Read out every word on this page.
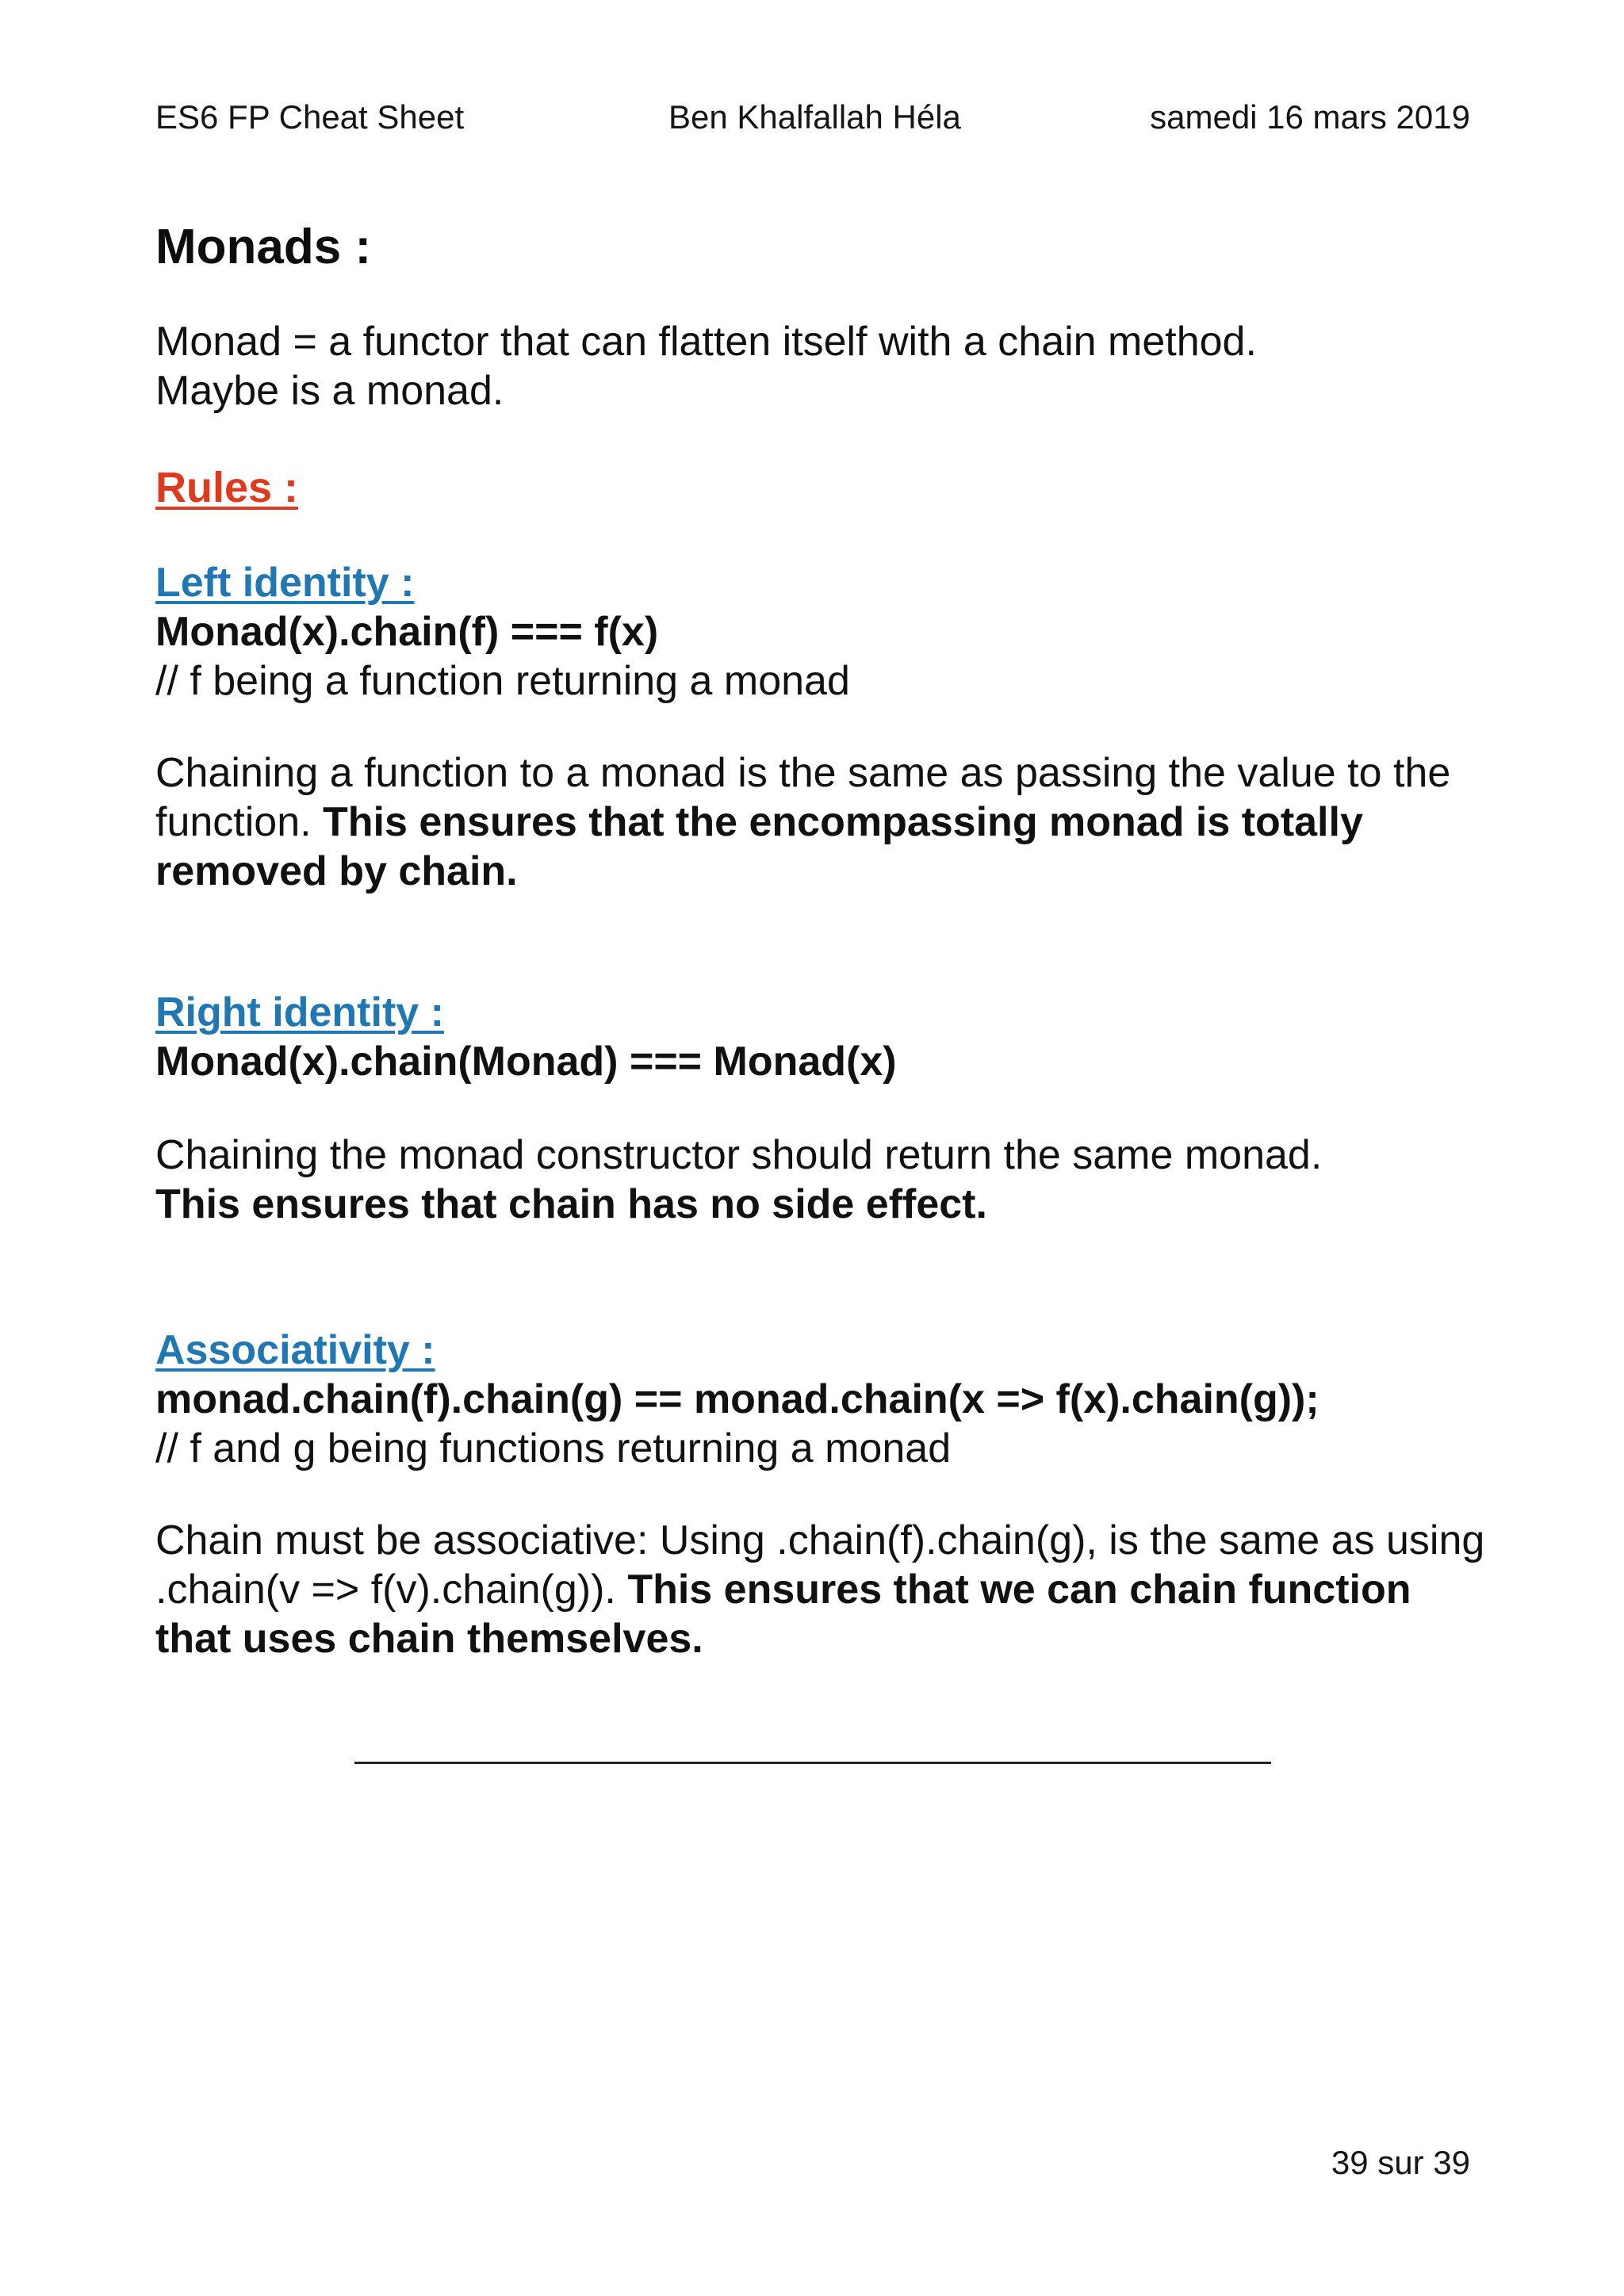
ES6 FP Cheat Sheet	Ben Khalfallah Héla	samedi 16 mars 2019
Monads :
Monad = a functor that can flatten itself with a chain method.
Maybe is a monad.
Rules :
Left identity :
Monad(x).chain(f) === f(x)
// f being a function returning a monad
Chaining a function to a monad is the same as passing the value to the function. This ensures that the encompassing monad is totally removed by chain.
Right identity :
Monad(x).chain(Monad) === Monad(x)
Chaining the monad constructor should return the same monad.
This ensures that chain has no side effect.
Associativity :
monad.chain(f).chain(g) == monad.chain(x => f(x).chain(g));
// f and g being functions returning a monad
Chain must be associative: Using .chain(f).chain(g), is the same as using .chain(v => f(v).chain(g)). This ensures that we can chain function that uses chain themselves.
39 sur 39
